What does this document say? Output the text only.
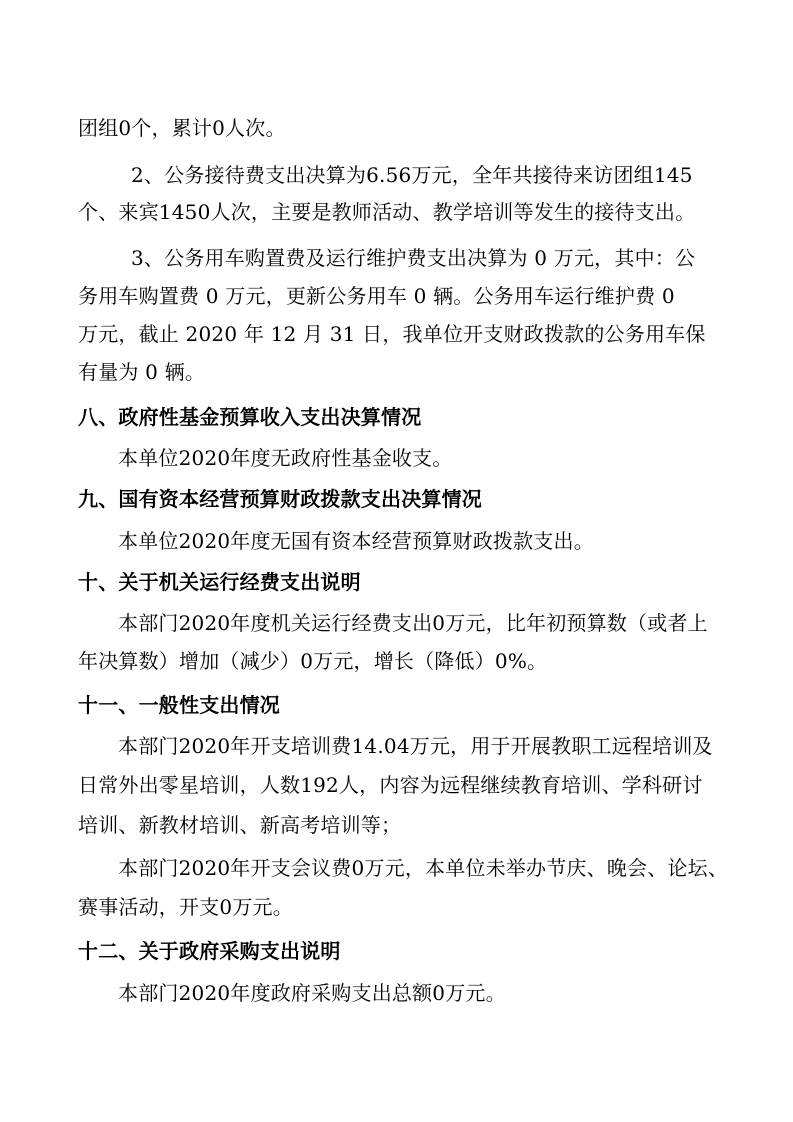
团组0个，累计0人次。
2、公务接待费支出决算为6.56万元，全年共接待来访团组145
个、来宾1450人次，主要是教师活动、教学培训等发生的接待支出。
3、公务用车购置费及运行维护费支出决算为 0 万元，其中：公
务用车购置费 0 万元，更新公务用车 0 辆。公务用车运行维护费 0
万元，截止 2020 年 12 月 31 日，我单位开支财政拨款的公务用车保
有量为 0 辆。
八、政府性基金预算收入支出决算情况
本单位2020年度无政府性基金收支。
九、国有资本经营预算财政拨款支出决算情况
本单位2020年度无国有资本经营预算财政拨款支出。
十、关于机关运行经费支出说明
本部门2020年度机关运行经费支出0万元，比年初预算数（或者上
年决算数）增加（减少）0万元，增长（降低）0%。
十一、一般性支出情况
本部门2020年开支培训费14.04万元，用于开展教职工远程培训及
日常外出零星培训，人数192人，内容为远程继续教育培训、学科研讨
培训、新教材培训、新高考培训等；
本部门2020年开支会议费0万元，本单位未举办节庆、晚会、论坛、
赛事活动，开支0万元。
十二、关于政府采购支出说明
本部门2020年度政府采购支出总额0万元。
